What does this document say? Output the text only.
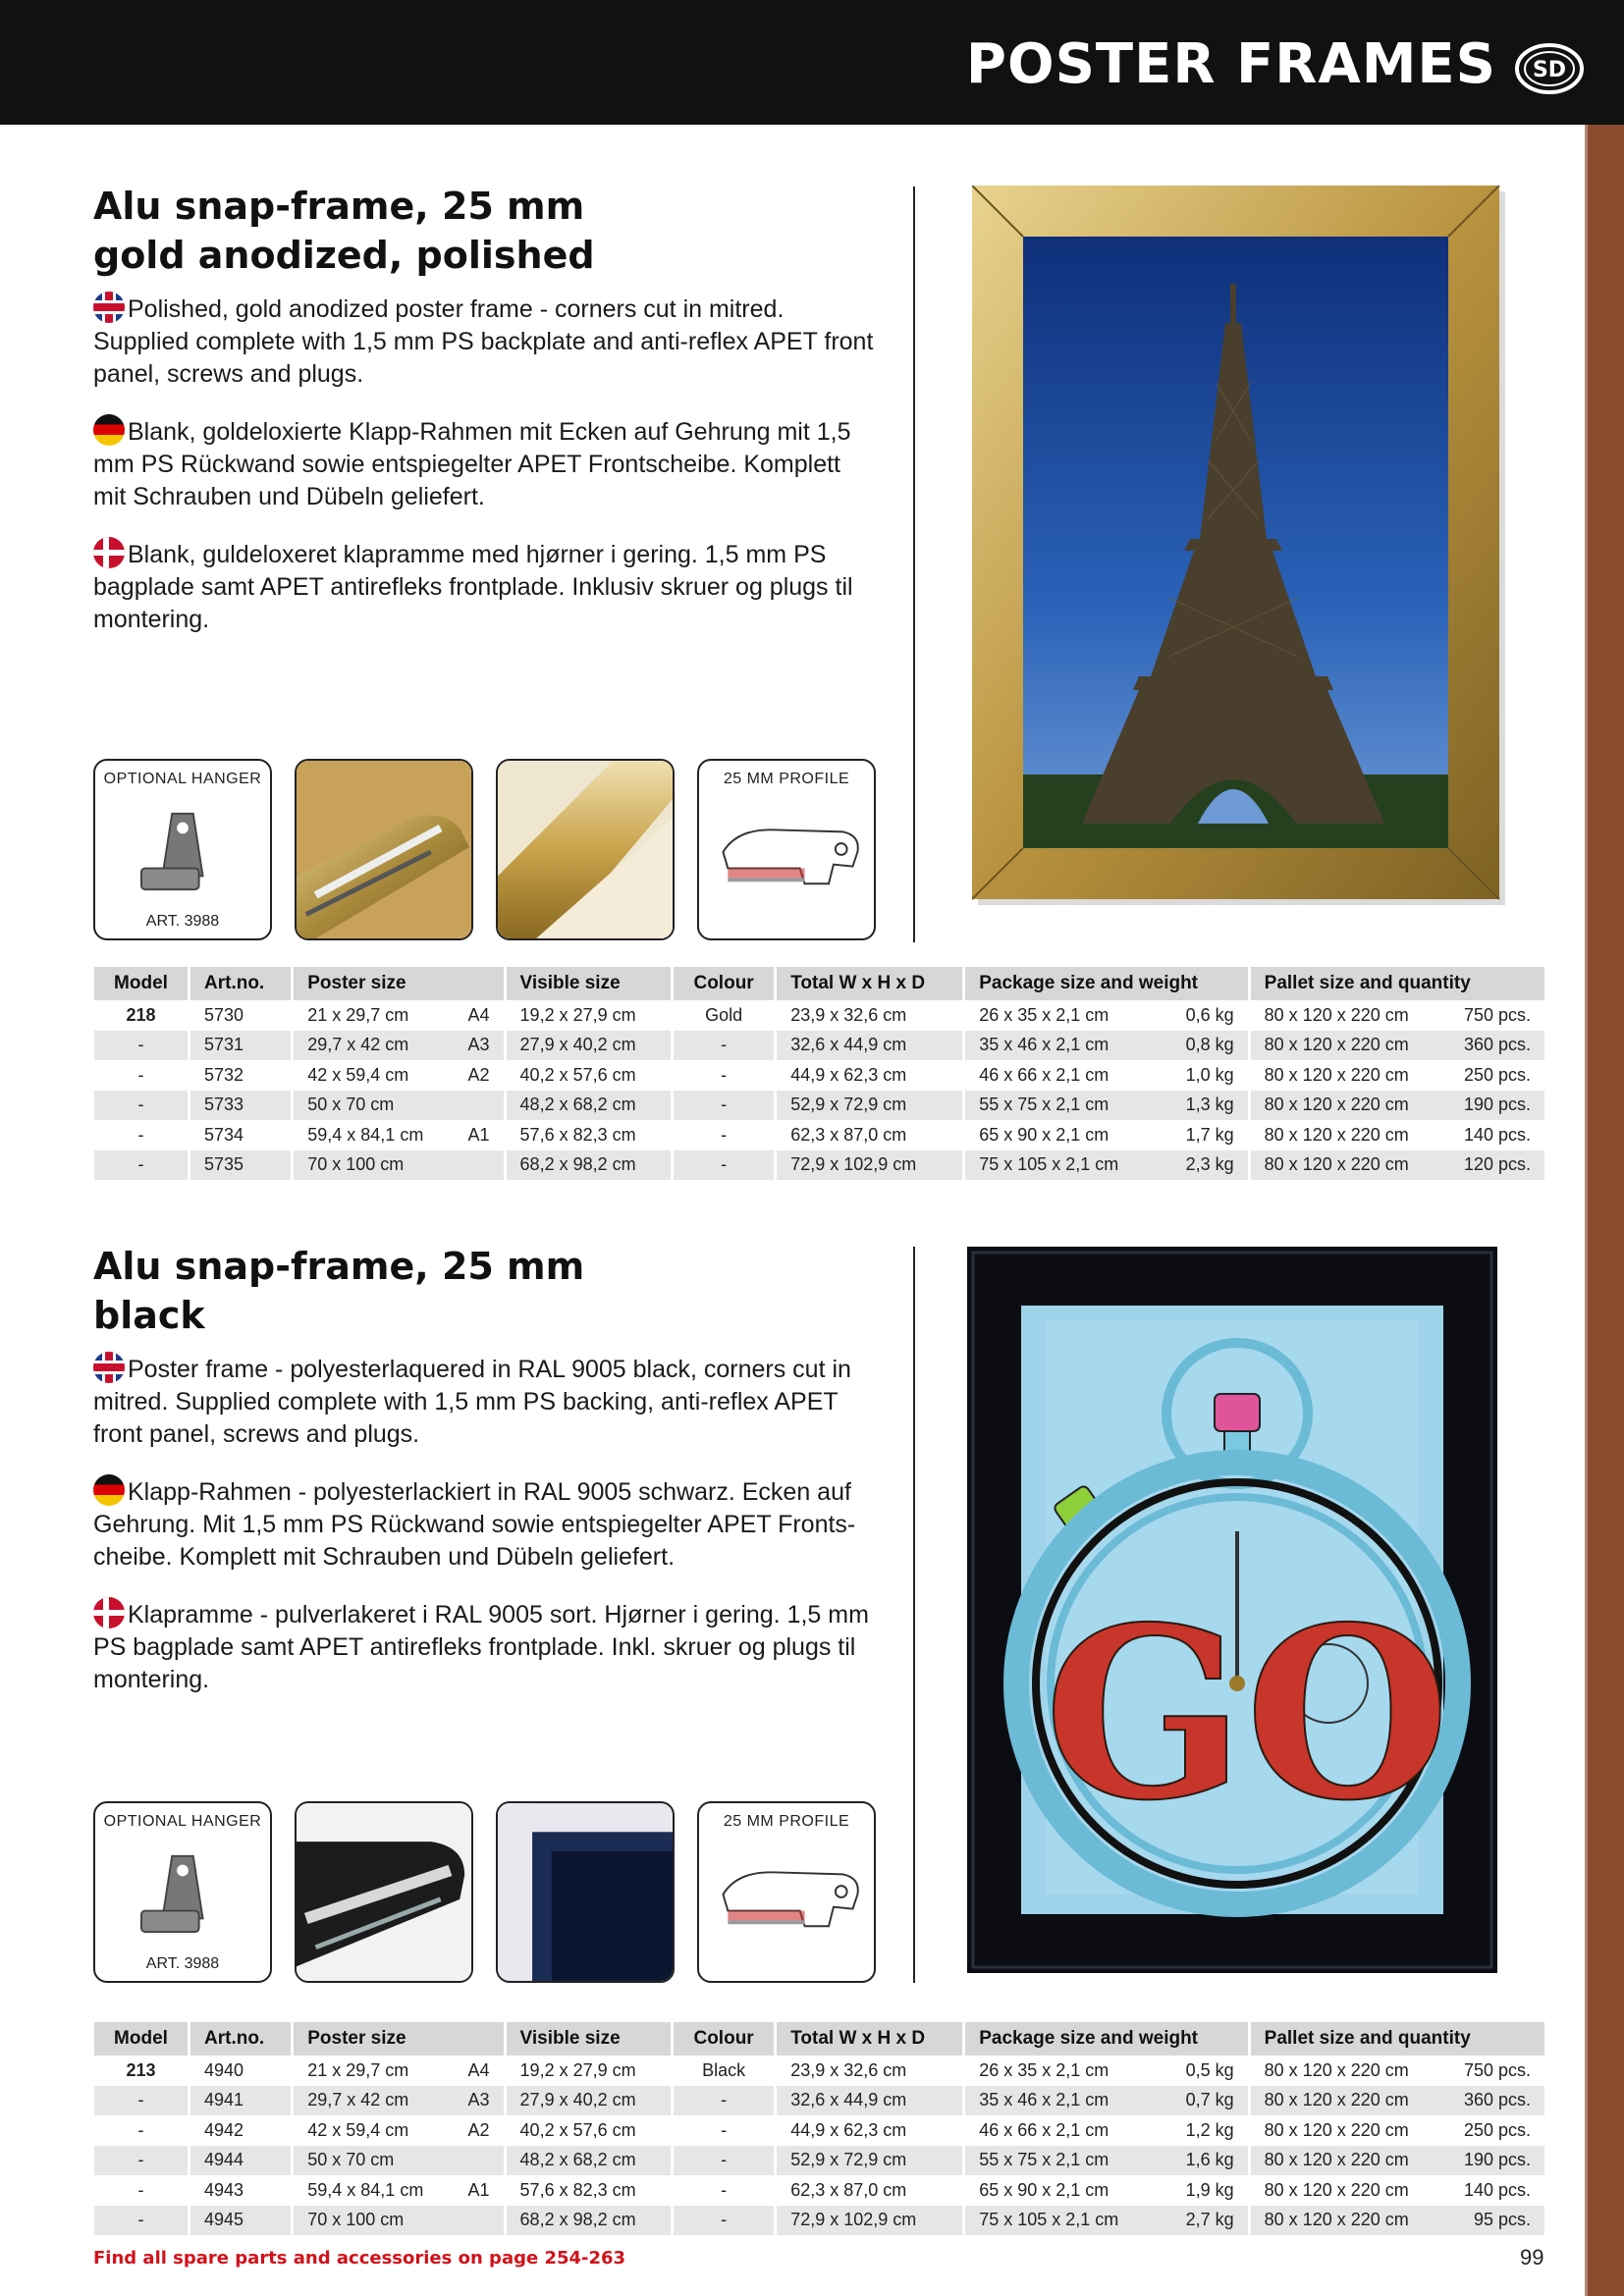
POSTER FRAMES SD
Alu snap-frame, 25 mm
gold anodized, polished
Polished, gold anodized poster frame - corners cut in mitred. Supplied complete with 1,5 mm PS backplate and anti-reflex APET front panel, screws and plugs.
Blank, goldeloxierte Klapp-Rahmen mit Ecken auf Gehrung mit 1,5 mm PS Rückwand sowie entspiegelter APET Frontscheibe. Komplett mit Schrauben und Dübeln geliefert.
Blank, guldeloxeret klapramme med hjørner i gering. 1,5 mm PS bagplade samt APET antirefleks frontplade. Inklusiv skruer og plugs til montering.
OPTIONAL HANGER
ART. 3988
25 MM PROFILE
Model	Art.no.	Poster size	Visible size	Colour	Total W x H x D	Package size and weight	Pallet size and quantity
218	5730	21 x 29,7 cm A4	19,2 x 27,9 cm	Gold	23,9 x 32,6 cm	26 x 35 x 2,1 cm 0,6 kg	80 x 120 x 220 cm 750 pcs.

-	5731	29,7 x 42 cm A3	27,9 x 40,2 cm	-	32,6 x 44,9 cm	35 x 46 x 2,1 cm 0,8 kg	80 x 120 x 220 cm 360 pcs.

-	5732	42 x 59,4 cm A2	40,2 x 57,6 cm	-	44,9 x 62,3 cm	46 x 66 x 2,1 cm 1,0 kg	80 x 120 x 220 cm 250 pcs.

-	5733	50 x 70 cm	48,2 x 68,2 cm	-	52,9 x 72,9 cm	55 x 75 x 2,1 cm 1,3 kg	80 x 120 x 220 cm 190 pcs.

-	5734	59,4 x 84,1 cm A1	57,6 x 82,3 cm	-	62,3 x 87,0 cm	65 x 90 x 2,1 cm 1,7 kg	80 x 120 x 220 cm 140 pcs.

-	5735	70 x 100 cm	68,2 x 98,2 cm	-	72,9 x 102,9 cm	75 x 105 x 2,1 cm 2,3 kg	80 x 120 x 220 cm 120 pcs.
Alu snap-frame, 25 mm
black
Poster frame - polyesterlaquered in RAL 9005 black, corners cut in mitred. Supplied complete with 1,5 mm PS backing, anti-reflex APET front panel, screws and plugs.
Klapp-Rahmen - polyesterlackiert in RAL 9005 schwarz. Ecken auf Gehrung. Mit 1,5 mm PS Rückwand sowie entspiegelter APET Fronts-cheibe. Komplett mit Schrauben und Dübeln geliefert.
Klapramme - pulverlakeret i RAL 9005 sort. Hjørner i gering. 1,5 mm PS bagplade samt APET antirefleks frontplade. Inkl. skruer og plugs til montering.
OPTIONAL HANGER
ART. 3988
25 MM PROFILE GO
Model	Art.no.	Poster size	Visible size	Colour	Total W x H x D	Package size and weight	Pallet size and quantity
213	4940	21 x 29,7 cm A4	19,2 x 27,9 cm	Black	23,9 x 32,6 cm	26 x 35 x 2,1 cm 0,5 kg	80 x 120 x 220 cm 750 pcs.

-	4941	29,7 x 42 cm A3	27,9 x 40,2 cm	-	32,6 x 44,9 cm	35 x 46 x 2,1 cm 0,7 kg	80 x 120 x 220 cm 360 pcs.

-	4942	42 x 59,4 cm A2	40,2 x 57,6 cm	-	44,9 x 62,3 cm	46 x 66 x 2,1 cm 1,2 kg	80 x 120 x 220 cm 250 pcs.

-	4944	50 x 70 cm	48,2 x 68,2 cm	-	52,9 x 72,9 cm	55 x 75 x 2,1 cm 1,6 kg	80 x 120 x 220 cm 190 pcs.

-	4943	59,4 x 84,1 cm A1	57,6 x 82,3 cm	-	62,3 x 87,0 cm	65 x 90 x 2,1 cm 1,9 kg	80 x 120 x 220 cm 140 pcs.

-	4945	70 x 100 cm	68,2 x 98,2 cm	-	72,9 x 102,9 cm	75 x 105 x 2,1 cm 2,7 kg	80 x 120 x 220 cm 95 pcs.
Find all spare parts and accessories on page 254-263	99
